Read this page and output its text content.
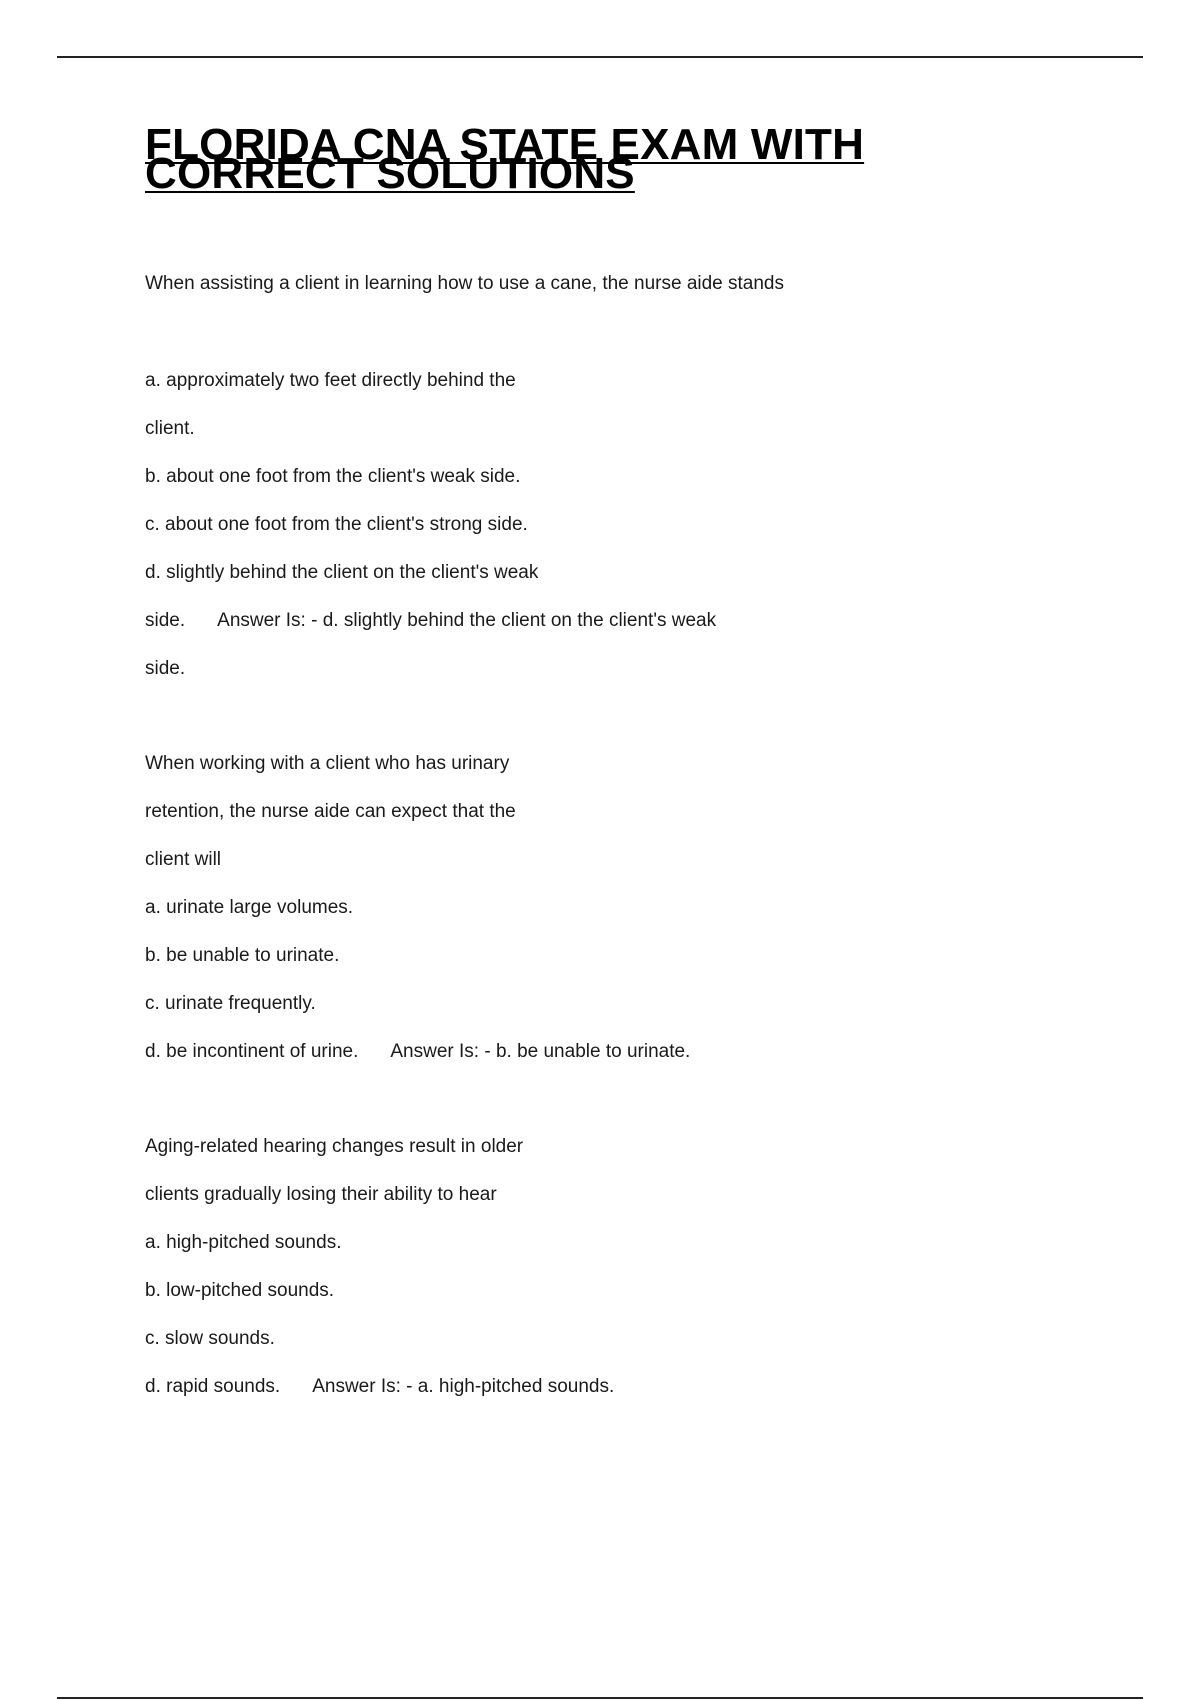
FLORIDA CNA STATE EXAM WITH CORRECT SOLUTIONS
When assisting a client in learning how to use a cane, the nurse aide stands
a. approximately two feet directly behind the
client.
b. about one foot from the client's weak side.
c. about one foot from the client's strong side.
d. slightly behind the client on the client's weak
side. Answer Is: - d. slightly behind the client on the client's weak
side.
When working with a client who has urinary
retention, the nurse aide can expect that the
client will
a. urinate large volumes.
b. be unable to urinate.
c. urinate frequently.
d. be incontinent of urine. Answer Is: - b. be unable to urinate.
Aging-related hearing changes result in older
clients gradually losing their ability to hear
a. high-pitched sounds.
b. low-pitched sounds.
c. slow sounds.
d. rapid sounds. Answer Is: - a. high-pitched sounds.
